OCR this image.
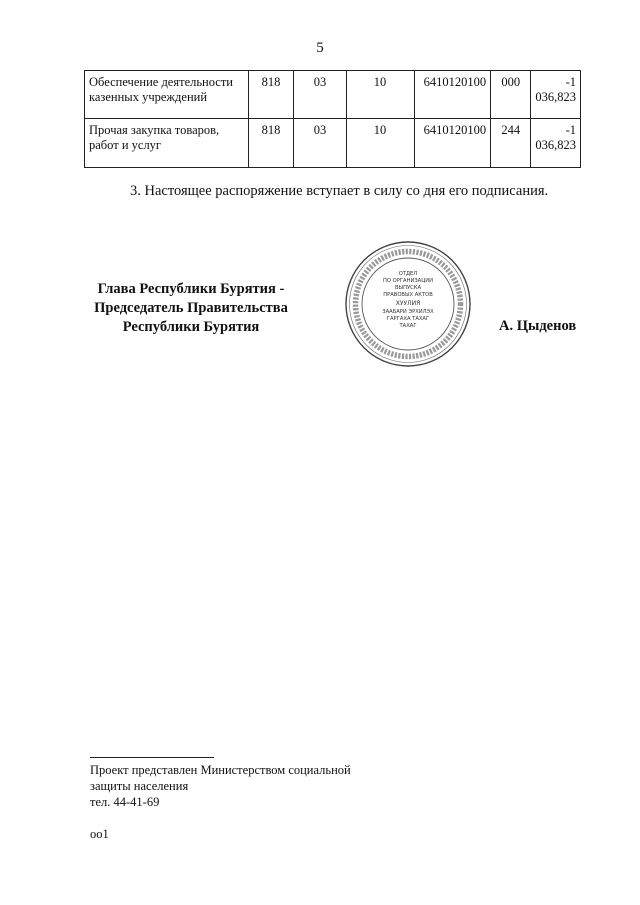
5
Обеспечение деятельности
казенных учреждений	818	03	10	6410120100	000	-1 036,823
Прочая закупка товаров,
работ и услуг	818	03	10	6410120100	244	-1 036,823
3. Настоящее распоряжение вступает в силу со дня его подписания.
Глава Республики Бурятия -
Председатель Правительства
Республики Бурятия
ОТДЕЛ
ПО ОРГАНИЗАЦИИ
ВЫПУСКА
ПРАВОВЫХ АКТОВ
ХУУЛИЯ
ЗААБАРИ ЭРХИЛЭХ
ГАРГАХА ТАХАГ
ТАХАГ	А. Цыденов
Проект представлен Министерством социальной
защиты населения
тел. 44-41-69
оо1
